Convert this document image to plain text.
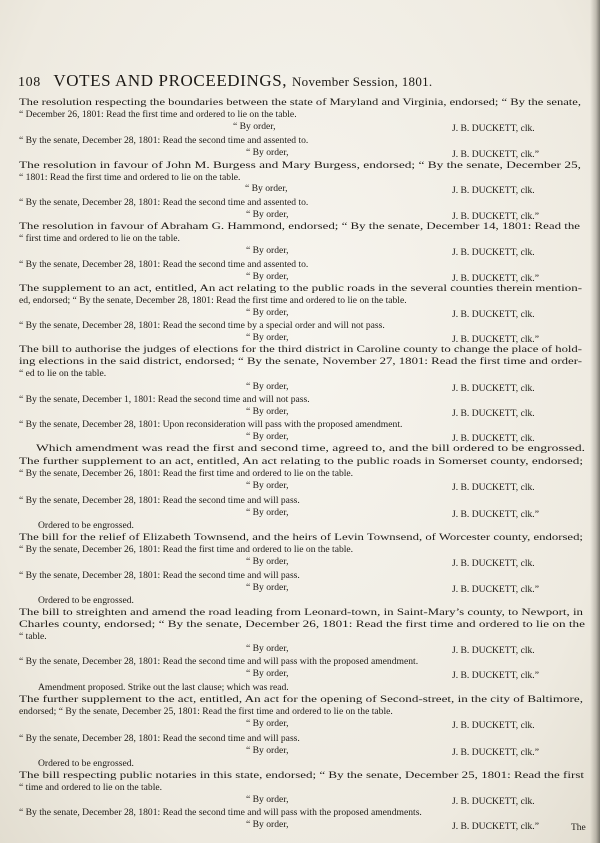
108 VOTES AND PROCEEDINGS, November Session, 1801.
The resolution respecting the boundaries between the state of Maryland and Virginia, endorsed; “ By the senate,
“ December 26, 1801: Read the first time and ordered to lie on the table.
“ By order,	J. B. DUCKETT, clk.
“ By the senate, December 28, 1801: Read the second time and assented to.
“ By order,	J. B. DUCKETT, clk.”
The resolution in favour of John M. Burgess and Mary Burgess, endorsed; “ By the senate, December 25,
“ 1801: Read the first time and ordered to lie on the table.
“ By order,	J. B. DUCKETT, clk.
“ By the senate, December 28, 1801: Read the second time and assented to.
“ By order,	J. B. DUCKETT, clk.”
The resolution in favour of Abraham G. Hammond, endorsed; “ By the senate, December 14, 1801: Read the
“ first time and ordered to lie on the table.
“ By order,	J. B. DUCKETT, clk.
“ By the senate, December 28, 1801: Read the second time and assented to.
“ By order,	J. B. DUCKETT, clk.”
The supplement to an act, entitled, An act relating to the public roads in the several counties therein mention-
ed, endorsed; “ By the senate, December 28, 1801: Read the first time and ordered to lie on the table.
“ By order,	J. B. DUCKETT, clk.
“ By the senate, December 28, 1801: Read the second time by a special order and will not pass.
“ By order,	J. B. DUCKETT, clk.”
The bill to authorise the judges of elections for the third district in Caroline county to change the place of hold-
ing elections in the said district, endorsed; “ By the senate, November 27, 1801: Read the first time and order-
“ ed to lie on the table.
“ By order,	J. B. DUCKETT, clk.
“ By the senate, December 1, 1801: Read the second time and will not pass.
“ By order,	J. B. DUCKETT, clk.
“ By the senate, December 28, 1801: Upon reconsideration will pass with the proposed amendment.
“ By order,	J. B. DUCKETT, clk.
Which amendment was read the first and second time, agreed to, and the bill ordered to be engrossed.
The further supplement to an act, entitled, An act relating to the public roads in Somerset county, endorsed;
“ By the senate, December 26, 1801: Read the first time and ordered to lie on the table.
“ By order,	J. B. DUCKETT, clk.
“ By the senate, December 28, 1801: Read the second time and will pass.
“ By order,	J. B. DUCKETT, clk.”
Ordered to be engrossed.
The bill for the relief of Elizabeth Townsend, and the heirs of Levin Townsend, of Worcester county, endorsed;
“ By the senate, December 26, 1801: Read the first time and ordered to lie on the table.
“ By order,	J. B. DUCKETT, clk.
“ By the senate, December 28, 1801: Read the second time and will pass.
“ By order,	J. B. DUCKETT, clk.”
Ordered to be engrossed.
The bill to streighten and amend the road leading from Leonard-town, in Saint-Mary’s county, to Newport, in
Charles county, endorsed; “ By the senate, December 26, 1801: Read the first time and ordered to lie on the
“ table.
“ By order,	J. B. DUCKETT, clk.
“ By the senate, December 28, 1801: Read the second time and will pass with the proposed amendment.
“ By order,	J. B. DUCKETT, clk.”
Amendment proposed. Strike out the last clause; which was read.
The further supplement to the act, entitled, An act for the opening of Second-street, in the city of Baltimore,
endorsed; “ By the senate, December 25, 1801: Read the first time and ordered to lie on the table.
“ By order,	J. B. DUCKETT, clk.
“ By the senate, December 28, 1801: Read the second time and will pass.
“ By order,	J. B. DUCKETT, clk.”
Ordered to be engrossed.
The bill respecting public notaries in this state, endorsed; “ By the senate, December 25, 1801: Read the first
“ time and ordered to lie on the table.
“ By order,	J. B. DUCKETT, clk.
“ By the senate, December 28, 1801: Read the second time and will pass with the proposed amendments.
“ By order,	J. B. DUCKETT, clk.”	The
